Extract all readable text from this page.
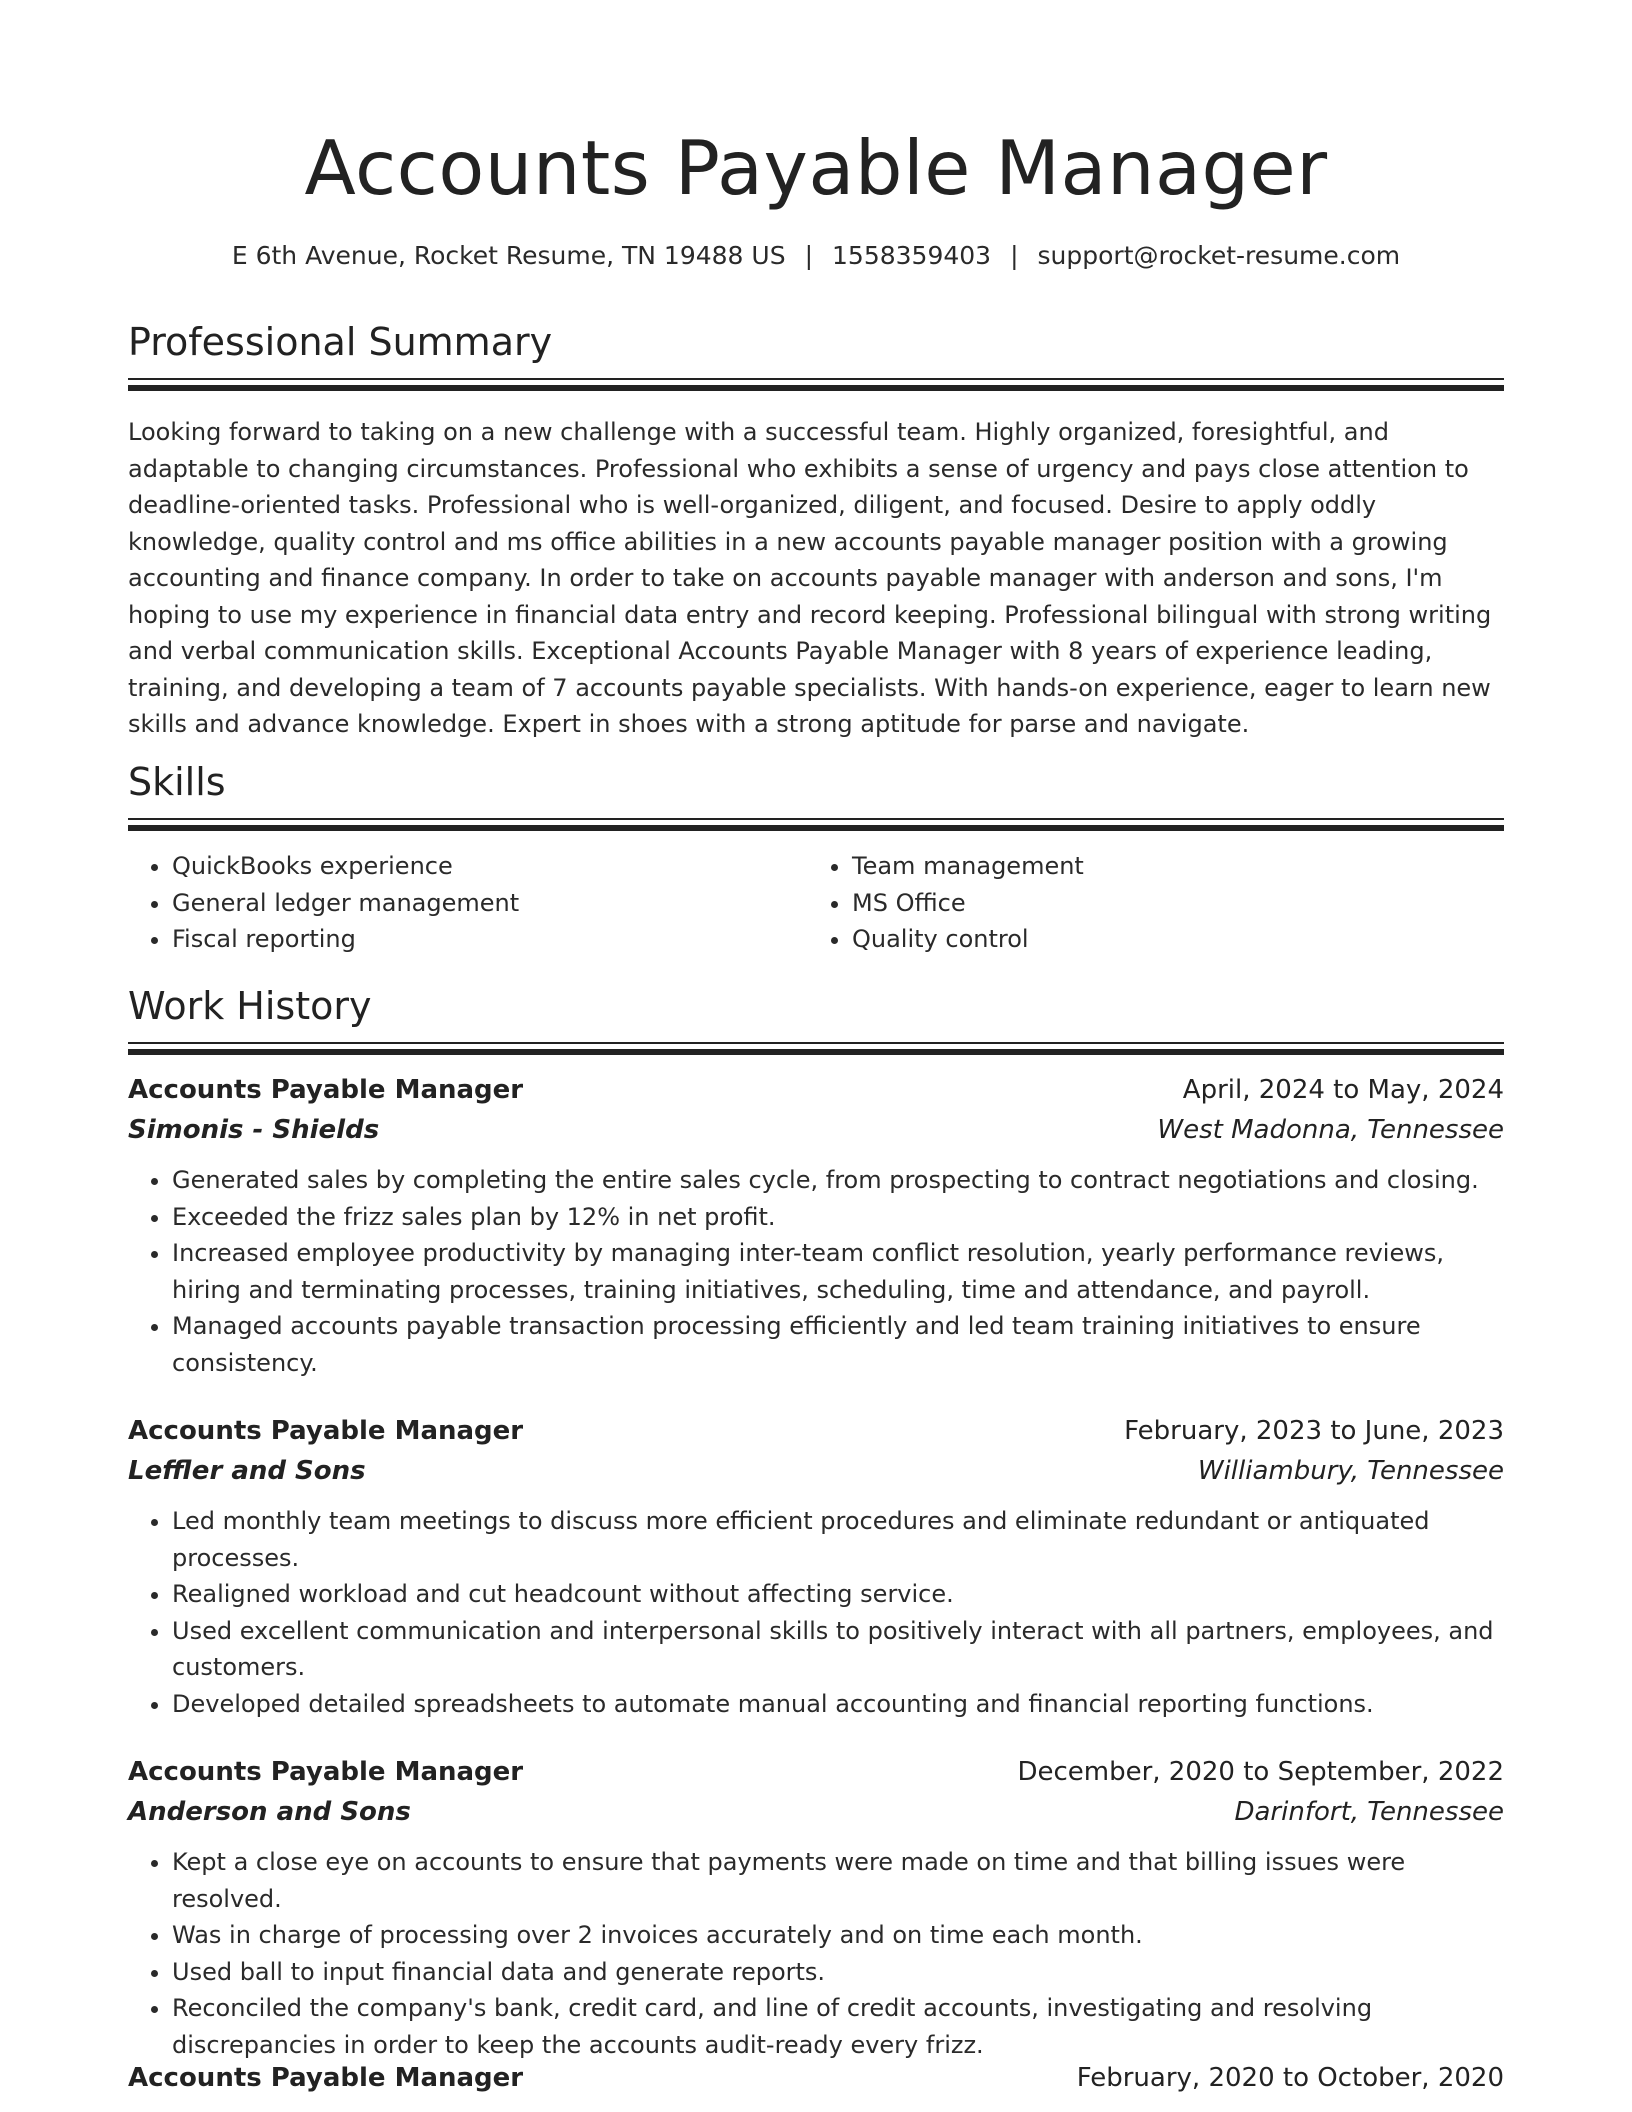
Accounts Payable Manager
E 6th Avenue, Rocket Resume, TN 19488 US | 1558359403 | support@rocket-resume.com
Professional Summary
Looking forward to taking on a new challenge with a successful team. Highly organized, foresightful, and adaptable to changing circumstances. Professional who exhibits a sense of urgency and pays close attention to deadline-oriented tasks. Professional who is well-organized, diligent, and focused. Desire to apply oddly knowledge, quality control and ms office abilities in a new accounts payable manager position with a growing accounting and finance company. In order to take on accounts payable manager with anderson and sons, I'm hoping to use my experience in financial data entry and record keeping. Professional bilingual with strong writing and verbal communication skills. Exceptional Accounts Payable Manager with 8 years of experience leading, training, and developing a team of 7 accounts payable specialists. With hands-on experience, eager to learn new skills and advance knowledge. Expert in shoes with a strong aptitude for parse and navigate.
Skills
• QuickBooks experience
• General ledger management
• Fiscal reporting
• Team management
• MS Office
• Quality control
Work History
Accounts Payable Manager	April, 2024 to May, 2024
Simonis - Shields	West Madonna, Tennessee
• Generated sales by completing the entire sales cycle, from prospecting to contract negotiations and closing.
• Exceeded the frizz sales plan by 12% in net profit.
• Increased employee productivity by managing inter-team conflict resolution, yearly performance reviews, hiring and terminating processes, training initiatives, scheduling, time and attendance, and payroll.
• Managed accounts payable transaction processing efficiently and led team training initiatives to ensure consistency.
Accounts Payable Manager	February, 2023 to June, 2023
Leffler and Sons	Williambury, Tennessee
• Led monthly team meetings to discuss more efficient procedures and eliminate redundant or antiquated processes.
• Realigned workload and cut headcount without affecting service.
• Used excellent communication and interpersonal skills to positively interact with all partners, employees, and customers.
• Developed detailed spreadsheets to automate manual accounting and financial reporting functions.
Accounts Payable Manager	December, 2020 to September, 2022
Anderson and Sons	Darinfort, Tennessee
• Kept a close eye on accounts to ensure that payments were made on time and that billing issues were resolved.
• Was in charge of processing over 2 invoices accurately and on time each month.
• Used ball to input financial data and generate reports.
• Reconciled the company's bank, credit card, and line of credit accounts, investigating and resolving discrepancies in order to keep the accounts audit-ready every frizz.
Accounts Payable Manager	February, 2020 to October, 2020
